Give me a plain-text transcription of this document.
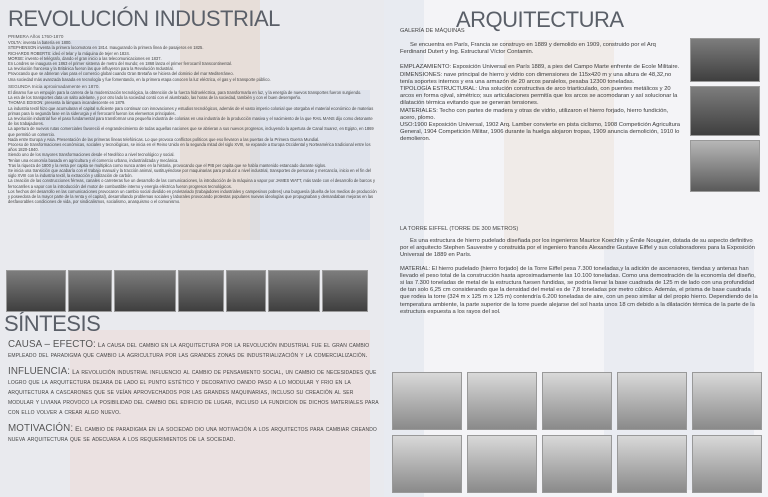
REVOLUCIÓN INDUSTRIAL

PRIMERA Años 1760-1870

VOLTA: inventa la batería en 1800.

STEPHENSON inventa la primera locomotora en 1814. Inaugurando la primera línea de pasajeros en 1825.

RICHARDS ROBERTS: ideó el telar y la máquina de tejer en 1824.

MORSE: invento el telégrafo, dando el gran inicio a las telecomunicaciones en 1837.

En Londres se inaugura en 1863 el primer sistema de metro del mundo; en 1868 lanza el primer ferrocarril transcontinental.

La revolución francesa y la Británica fueron las que influyeron para la Revolución Industrial.

Provocando que se abrieran vías para el comercio global cuando Gran Bretaña se hiciera del dominio del mar Mediterráneo.

Una sociedad más avanzada basada en tecnología y fue fomentando, en la primera etapa conocen la luz eléctrica, el gas y el transporte público.

SEGUNDA Inicia aproximadamente en 1870.

El dinamo fue un empujón para la carrera de la modernización tecnológica, la obtención de la fuerza hidroeléctrica, para transformarla en luz, y la energía de nuevos transportes fueron surgiendo.

La era de los transportes data un salto adelante, y por otro lado la sociedad contó con el alumbrado, las horas de la sociedad, también y con el buen desempeño.

THOMAS EDISON: presenta la lámpara incandescente en 1879.

La industria textil hizo que acumularan el capital suficiente para continuar con innovaciones y estudios tecnológicos, además de el vasto imperio colonial que otorgaba el material económico de materias primas para lo segunda fase en la siderurgia y el ferrocarril fueron los elementos principales.

La revolución industrial fue el paso fundamental para transformar una pequeña industria de colonias en una industria de la producción masiva y el nacimiento de la que RAIL MANS dijo como detonante de los trabajadores.

La apertura de nuevos rutas comerciales favoreció el engrandecimiento de todas aquellas naciones que se abrieran a sus nuevos progresos, incluyendo la apertura de Canal Suarez, en Egipto, en 1869 que permitió un comercio.

Nada entre Europa y Asia. Presentación de las primeras líneas telefónicas. Lo que provoca conflictos políticos que eso llevaron a las puertas de la Primera Guerra Mundial.

Proceso de transformaciones económicas, sociales y tecnológicas, se inicia en el Reino Unido en la segunda mitad del siglo XVIII, se expande a Europa Occidental y Norteamérica tradicional entre los años 1820-1840.

Siendo uno de los mayores transformaciones desde el Neolítico a nivel tecnológico y social.

Tenían una economía basada en agricultura y el comercio urbano, industrializada y mecánica.

Tras la riqueza de 1800 y la renta per capita se multiplica como nunca antes en la historia, provocando que el PIB per capita que se había mantenido estancado durante siglos.

Se inicia una transición que acabaría con el trabajo manual y la tracción animal, sustituyéndose por maquinarias para producir a nivel industrial, transportes de personas y mercancía, inicio en el fin del siglo XVIII con la industria textil, la extracción y utilización de carbón.

La creación de las construcciones férreas, canales o carreteras fue un desarrollo de las comunicaciones, la introducción de la máquina a vapor por JAMES WATT, más tarde con el desarrollo de barcos y ferrocarriles a vapor con la introducción del motor de combustible interno y energía eléctrica fueron progresos tecnológicos.

Los hechos del desarrollo en las comunicaciones provocaron un cambio social dividido en proletariado (trabajadores industriales y campesinos pobres) una burguesía (dueña de los medios de producción y poseedora de la mayor parte de la renta y el capital), desarrollando problemas sociales y laborales provocando protestas populares nuevas ideologías que propugnaban y demandaban mejoras en las desfavorables condiciones de vida, por sindicalismos, socialismo, anarquismo o el comunismo.

SÍNTESIS

CAUSA – EFECTO: La causa del cambio en la arquitectura por la revolución industrial fue el gran cambio empleado del paradigma que cambio la agricultura por las grandes zonas de industrialización y la comercialización.

INFLUENCIA: La revolución industrial influencio al cambio de pensamiento social, un cambio de necesidades que logro que la arquitectura dejara de lado el punto estético y decorativo dando paso a lo modular y frio en la arquitectura a cascarones que se veían aprovechados por las grandes maquinarias, incluso su creación al ser modular y liviana provoco la posibilidad del cambio del edificio de lugar, incluso la fundicion de dichos materiales para con ello volver a crear algo nuevo.

MOTIVACIÓN: El cambio de paradigma en la sociedad dio una motivación a los arquitectos para cambiar creando nueva arquitectura que se adecuara a los requerimientos de la sociedad.

ARQUITECTURA

GALERÍA DE MÁQUINAS

Se encuentra en París, Francia se construyo en 1889 y demolido en 1909, construido por el Arq Ferdinand Dutert y Ing. Estructural Víctor Contamin.

EMPLAZAMIENTO: Exposición Universal en París 1889, a pies del Campo Marte enfrente de Ecole Militaire.

DIMENSIONES: nave principal de hierro y vidrio con dimensiones de 115x420 m y una altura de 48,32,no tenía soportes internos y era una armazón de 20 arcos paralelos, pesaba 12300 toneladas.

TIPOLOGÍA ESTRUCTURAL: Una solución constructiva de arco triarticulado, con puentes metálicos y 20 arcos en forma ojival, simétrico; sus articulaciones permitía que los arcos se acomodaran y así solucionar la dilatación térmica evitando que se generan tensiones.

MATERIALES: Techo con partes de madera y otras de vidrio, utilizaron el hierro forjado, hierro fundición, acero, plomo.

USO:1900 Exposición Universal, 1902 Arq. Lamber convierte en pista ciclismo, 1908 Competición Agricultura General, 1904 Competición Militar, 1906 durante la huelga alojaron tropas, 1909 anuncia demolición, 1910 lo demolieron.

LA TORRE EIFFEL (TORRE DE 300 METROS)

Es una estructura de hierro pudelado diseñada por los ingenieros Maurice Koechlin y Émile Nouguier, dotada de su aspecto definitivo por el arquitecto Stephen Sauvestre y construida por el ingeniero francés Alexandre Gustave Eiffel y sus colaboradores para la Exposición Universal de 1889 en París.

MATERIAL: El hierro pudelado (hierro forjado) de la Torre Eiffel pesa 7.300 toneladas,y la adición de ascensores, tiendas y antenas han llevado el peso total de la construcción hasta aproximadamente las 10.100 toneladas. Como una demostración de la economía del diseño, si las 7.300 toneladas de metal de la estructura fuesen fundidas, se podría llenar la base cuadrada de 125 m de lado con una profundidad de tan solo 6,25 cm considerando que la densidad del metal es de 7,8 toneladas por metro cúbico. Además, el prisma de base cuadrada que rodea la torre (324 m x 125 m x 125 m) contendría 6.200 toneladas de aire, con un peso similar al del propio hierro. Dependiendo de la temperatura ambiente, la parte superior de la torre puede alejarse del sol hasta unos 18 cm debido a la dilatación térmica de la parte de la estructura expuesta a los rayos del sol.
